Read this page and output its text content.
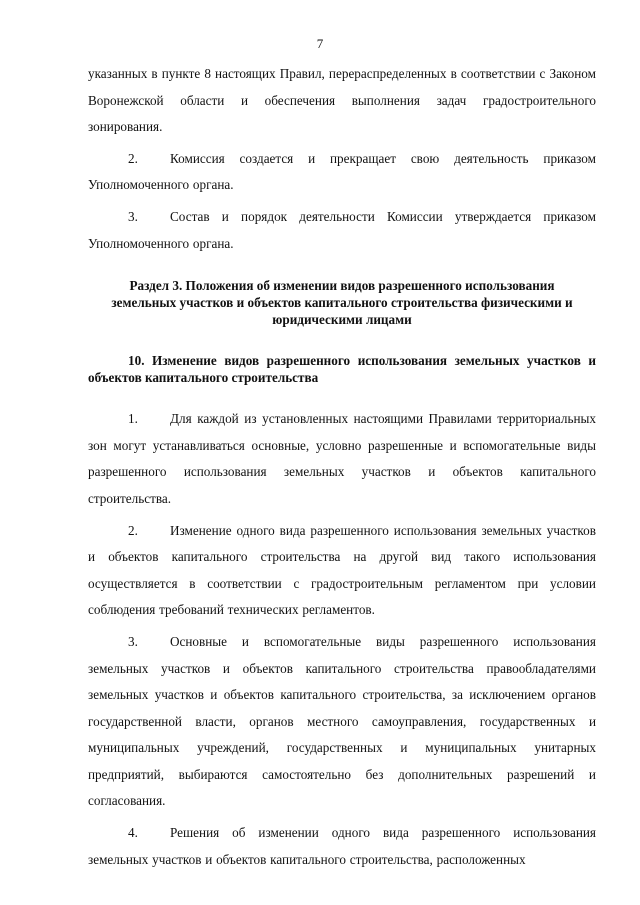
7

указанных в пункте 8 настоящих Правил, перераспределенных в соответствии с Законом Воронежской области и обеспечения выполнения задач градостроительного зонирования.

2. Комиссия создается и прекращает свою деятельность приказом Уполномоченного органа.

3. Состав и порядок деятельности Комиссии утверждается приказом Уполномоченного органа.

Раздел 3. Положения об изменении видов разрешенного использования земельных участков и объектов капитального строительства физическими и юридическими лицами
10. Изменение видов разрешенного использования земельных участков и объектов капитального строительства

1. Для каждой из установленных настоящими Правилами территориальных зон могут устанавливаться основные, условно разрешенные и вспомогательные виды разрешенного использования земельных участков и объектов капитального строительства.

2. Изменение одного вида разрешенного использования земельных участков и объектов капитального строительства на другой вид такого использования осуществляется в соответствии с градостроительным регламентом при условии соблюдения требований технических регламентов.

3. Основные и вспомогательные виды разрешенного использования земельных участков и объектов капитального строительства правообладателями земельных участков и объектов капитального строительства, за исключением органов государственной власти, органов местного самоуправления, государственных и муниципальных учреждений, государственных и муниципальных унитарных предприятий, выбираются самостоятельно без дополнительных разрешений и согласования.

4. Решения об изменении одного вида разрешенного использования земельных участков и объектов капитального строительства, расположенных
